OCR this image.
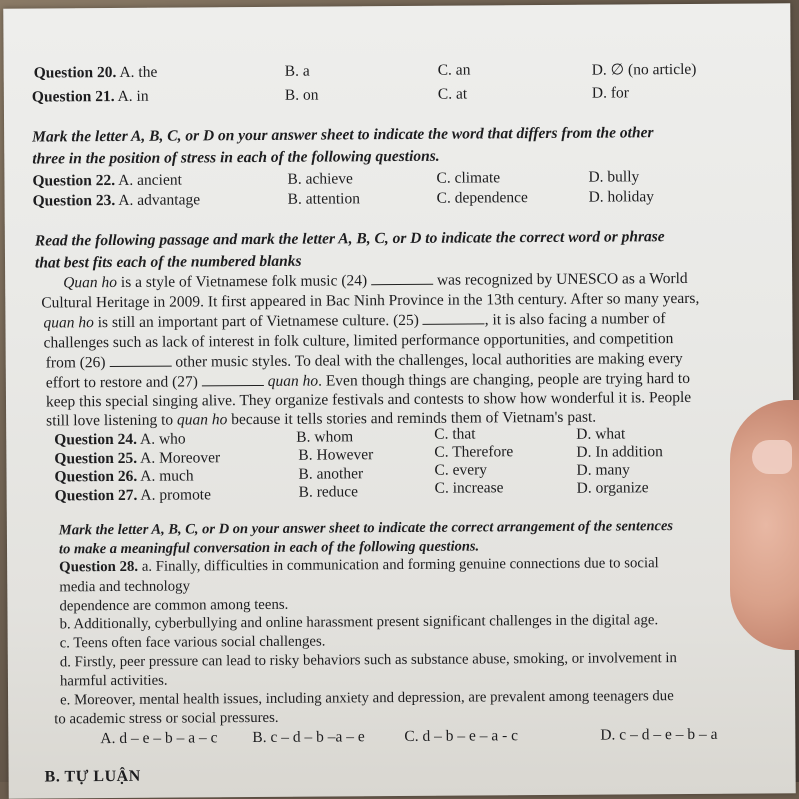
Question 20. A. the	B. a	C. an	D. ∅ (no article)
Question 21. A. in	B. on	C. at	D. for
Mark the letter A, B, C, or D on your answer sheet to indicate the word that differs from the other
three in the position of stress in each of the following questions.
Question 22. A. ancient	B. achieve	C. climate	D. bully
Question 23. A. advantage	B. attention	C. dependence	D. holiday
Read the following passage and mark the letter A, B, C, or D to indicate the correct word or phrase
that best fits each of the numbered blanks
Quan ho is a style of Vietnamese folk music (24)	was recognized by UNESCO as a World
Cultural Heritage in 2009. It first appeared in Bac Ninh Province in the 13th century. After so many years,
quan ho is still an important part of Vietnamese culture. (25)	, it is also facing a number of
challenges such as lack of interest in folk culture, limited performance opportunities, and competition
from (26)	other music styles. To deal with the challenges, local authorities are making every
effort to restore and (27)	quan ho. Even though things are changing, people are trying hard to
keep this special singing alive. They organize festivals and contests to show how wonderful it is. People
still love listening to quan ho because it tells stories and reminds them of Vietnam's past.
Question 24. A. who	B. whom	C. that	D. what
Question 25. A. Moreover	B. However	C. Therefore	D. In addition
Question 26. A. much	B. another	C. every	D. many
Question 27. A. promote	B. reduce	C. increase	D. organize
Mark the letter A, B, C, or D on your answer sheet to indicate the correct arrangement of the sentences
to make a meaningful conversation in each of the following questions.
Question 28. a. Finally, difficulties in communication and forming genuine connections due to social
media and technology
dependence are common among teens.
b. Additionally, cyberbullying and online harassment present significant challenges in the digital age.
c. Teens often face various social challenges.
d. Firstly, peer pressure can lead to risky behaviors such as substance abuse, smoking, or involvement in
harmful activities.
e. Moreover, mental health issues, including anxiety and depression, are prevalent among teenagers due
to academic stress or social pressures.
A. d – e – b – a – c B. c – d – b –a – e	C. d – b – e – a - c	D. c – d – e – b – a
B. TỰ LUẬN
